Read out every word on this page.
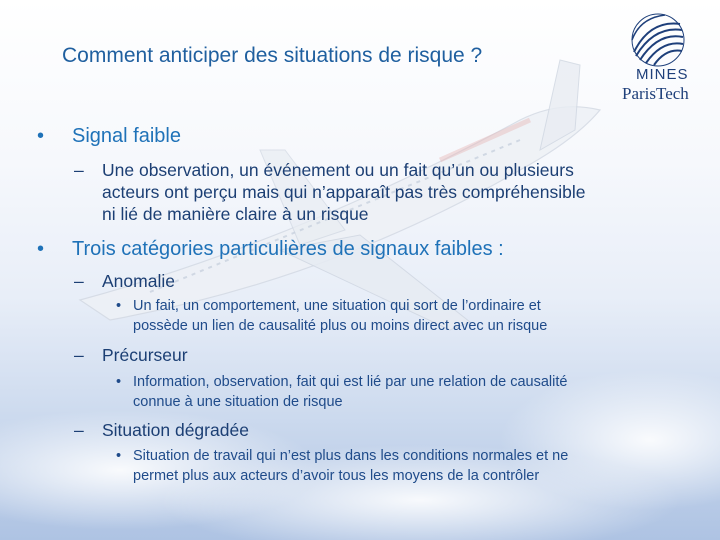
Comment anticiper des situations de risque ?
MINES
ParisTech
• Signal faible
– Une observation, un événement ou un fait qu’un ou plusieurs
acteurs ont perçu mais qui n’apparaît pas très compréhensible
ni lié de manière claire à un risque
• Trois catégories particulières de signaux faibles :
– Anomalie
• Un fait, un comportement, une situation qui sort de l’ordinaire et
possède un lien de causalité plus ou moins direct avec un risque
– Précurseur
• Information, observation, fait qui est lié par une relation de causalité
connue à une situation de risque
– Situation dégradée
• Situation de travail qui n’est plus dans les conditions normales et ne
permet plus aux acteurs d’avoir tous les moyens de la contrôler
